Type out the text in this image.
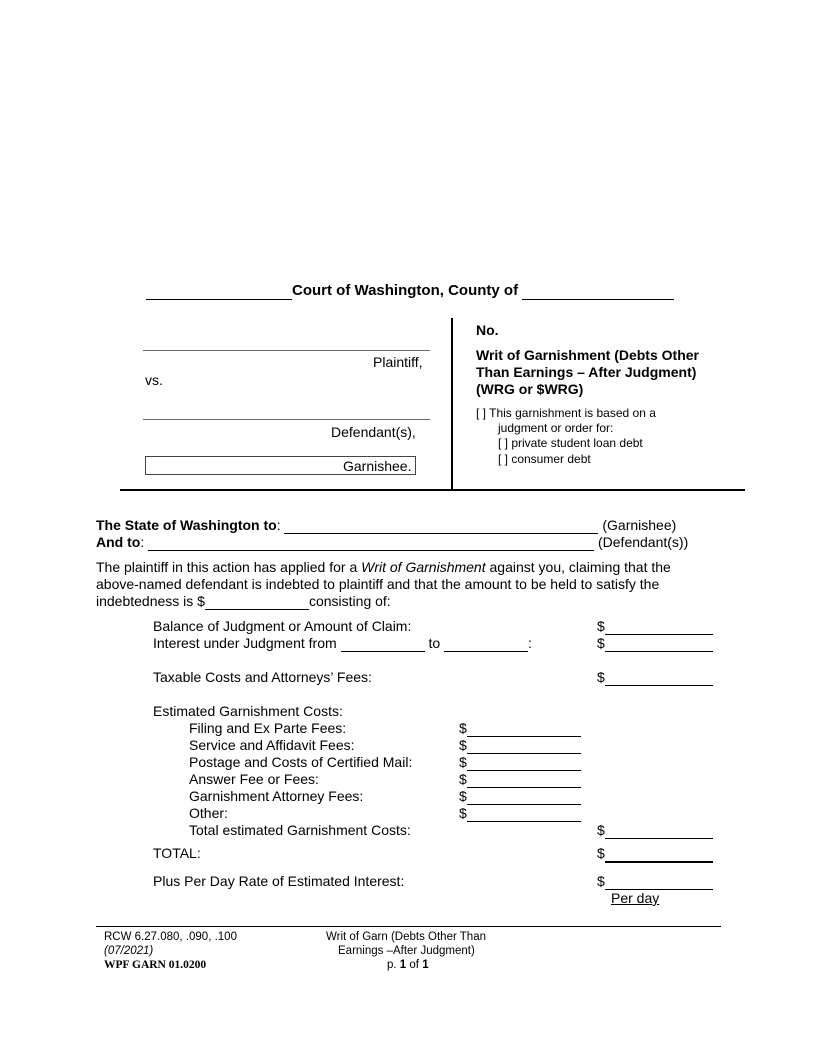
Court of Washington, County of
Plaintiff,
vs.
Defendant(s),
Garnishee.
No.
Writ of Garnishment (Debts Other
Than Earnings – After Judgment)
(WRG or $WRG)
[ ] This garnishment is based on a
judgment or order for:
[ ] private student loan debt
[ ] consumer debt
The State of Washington to:	(Garnishee)
And to:	(Defendant(s))
The plaintiff in this action has applied for a Writ of Garnishment against you, claiming that the
above-named defendant is indebted to plaintiff and that the amount to be held to satisfy the
indebtedness is $	consisting of:
Balance of Judgment or Amount of Claim:	$
Interest under Judgment from	to	:	$
Taxable Costs and Attorneys’ Fees:	$
Estimated Garnishment Costs:
Filing and Ex Parte Fees:	$
Service and Affidavit Fees:	$
Postage and Costs of Certified Mail:	$
Answer Fee or Fees:	$
Garnishment Attorney Fees:	$
Other:	$
Total estimated Garnishment Costs:	$
TOTAL:	$
Plus Per Day Rate of Estimated Interest:	$
Per day
RCW 6.27.080, .090, .100
(07/2021)
WPF GARN 01.0200
Writ of Garn (Debts Other Than
Earnings –After Judgment)
p. 1 of 1
